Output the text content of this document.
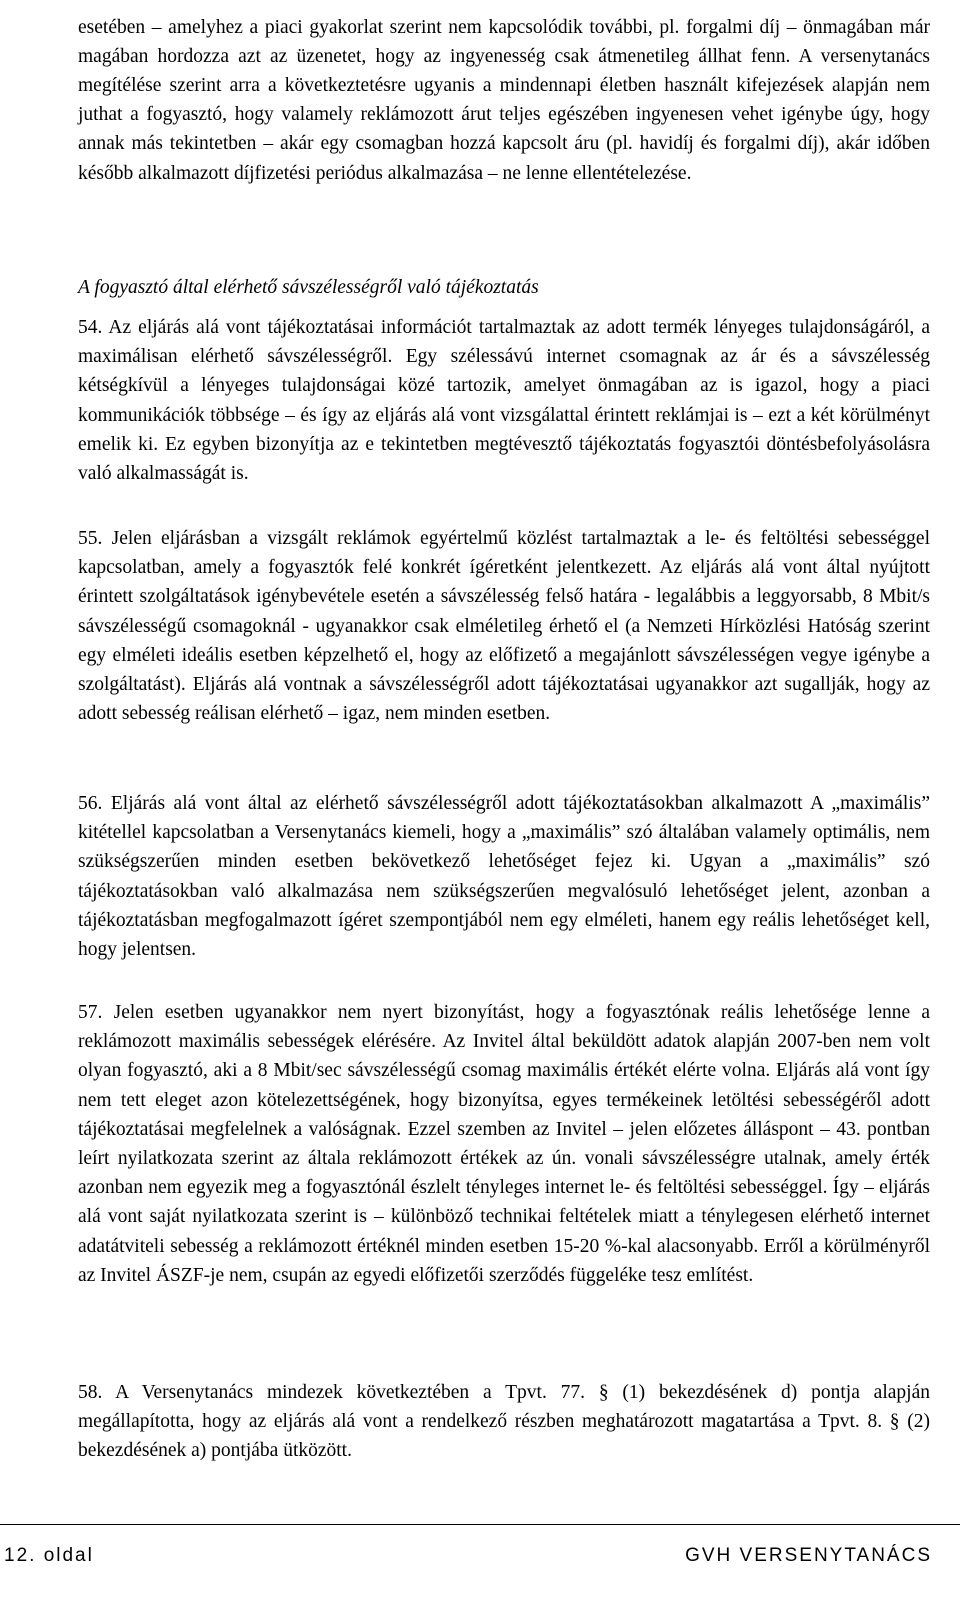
esetében – amelyhez a piaci gyakorlat szerint nem kapcsolódik további, pl. forgalmi díj – önmagában már magában hordozza azt az üzenetet, hogy az ingyenesség csak átmenetileg állhat fenn. A versenytanács megítélése szerint arra a következtetésre ugyanis a mindennapi életben használt kifejezések alapján nem juthat a fogyasztó, hogy valamely reklámozott árut teljes egészében ingyenesen vehet igénybe úgy, hogy annak más tekintetben – akár egy csomagban hozzá kapcsolt áru (pl. havidíj és forgalmi díj), akár időben később alkalmazott díjfizetési periódus alkalmazása – ne lenne ellentételezése.

A fogyasztó által elérhető sávszélességről való tájékoztatás
54. Az eljárás alá vont tájékoztatásai információt tartalmaztak az adott termék lényeges tulajdonságáról, a maximálisan elérhető sávszélességről. Egy szélessávú internet csomagnak az ár és a sávszélesség kétségkívül a lényeges tulajdonságai közé tartozik, amelyet önmagában az is igazol, hogy a piaci kommunikációk többsége – és így az eljárás alá vont vizsgálattal érintett reklámjai is – ezt a két körülményt emelik ki. Ez egyben bizonyítja az e tekintetben megtévesztő tájékoztatás fogyasztói döntésbefolyásolásra való alkalmasságát is.
55. Jelen eljárásban a vizsgált reklámok egyértelmű közlést tartalmaztak a le- és feltöltési sebességgel kapcsolatban, amely a fogyasztók felé konkrét ígéretként jelentkezett. Az eljárás alá vont által nyújtott érintett szolgáltatások igénybevétele esetén a sávszélesség felső határa - legalábbis a leggyorsabb, 8 Mbit/s sávszélességű csomagoknál - ugyanakkor csak elméletileg érhető el (a Nemzeti Hírközlési Hatóság szerint egy elméleti ideális esetben képzelhető el, hogy az előfizető a megajánlott sávszélességen vegye igénybe a szolgáltatást). Eljárás alá vontnak a sávszélességről adott tájékoztatásai ugyanakkor azt sugallják, hogy az adott sebesség reálisan elérhető – igaz, nem minden esetben.
56. Eljárás alá vont által az elérhető sávszélességről adott tájékoztatásokban alkalmazott A „maximális” kitétellel kapcsolatban a Versenytanács kiemeli, hogy a „maximális” szó általában valamely optimális, nem szükségszerűen minden esetben bekövetkező lehetőséget fejez ki. Ugyan a „maximális” szó tájékoztatásokban való alkalmazása nem szükségszerűen megvalósuló lehetőséget jelent, azonban a tájékoztatásban megfogalmazott ígéret szempontjából nem egy elméleti, hanem egy reális lehetőséget kell, hogy jelentsen.
57. Jelen esetben ugyanakkor nem nyert bizonyítást, hogy a fogyasztónak reális lehetősége lenne a reklámozott maximális sebességek elérésére. Az Invitel által beküldött adatok alapján 2007-ben nem volt olyan fogyasztó, aki a 8 Mbit/sec sávszélességű csomag maximális értékét elérte volna. Eljárás alá vont így nem tett eleget azon kötelezettségének, hogy bizonyítsa, egyes termékeinek letöltési sebességéről adott tájékoztatásai megfelelnek a valóságnak. Ezzel szemben az Invitel – jelen előzetes álláspont – 43. pontban leírt nyilatkozata szerint az általa reklámozott értékek az ún. vonali sávszélességre utalnak, amely érték azonban nem egyezik meg a fogyasztónál észlelt tényleges internet le- és feltöltési sebességgel. Így – eljárás alá vont saját nyilatkozata szerint is – különböző technikai feltételek miatt a ténylegesen elérhető internet adatátviteli sebesség a reklámozott értéknél minden esetben 15-20 %-kal alacsonyabb. Erről a körülményről az Invitel ÁSZF-je nem, csupán az egyedi előfizetői szerződés függeléke tesz említést.
58. A Versenytanács mindezek következtében a Tpvt. 77. § (1) bekezdésének d) pontja alapján megállapította, hogy az eljárás alá vont a rendelkező részben meghatározott magatartása a Tpvt. 8. § (2) bekezdésének a) pontjába ütközött.
12. oldal	GVH VERSENYTANÁCS
